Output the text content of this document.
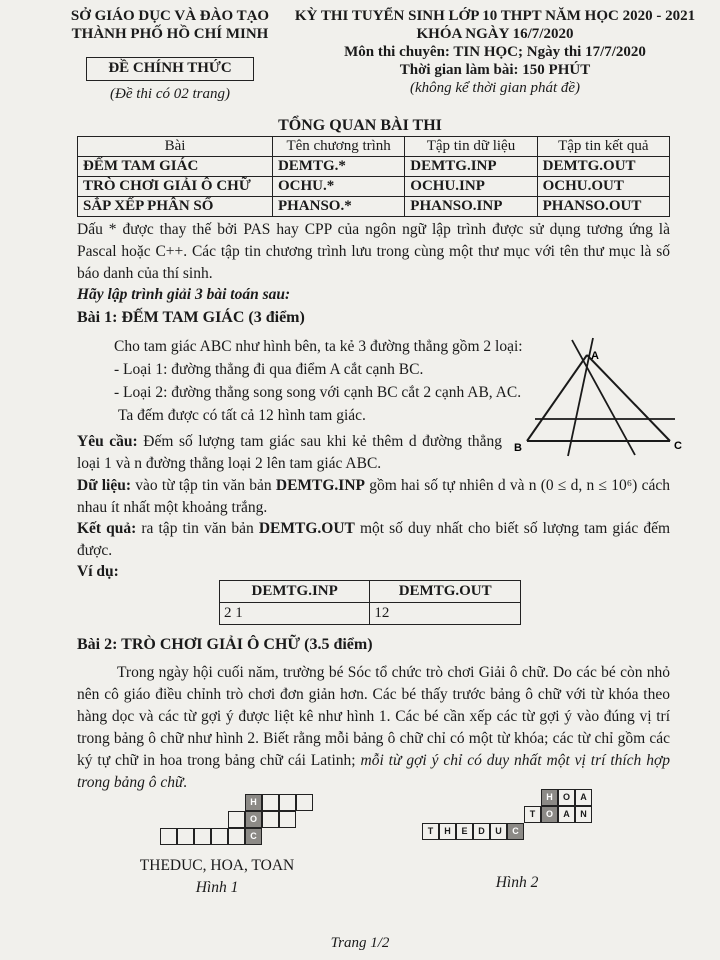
SỞ GIÁO DỤC VÀ ĐÀO TẠO
THÀNH PHỐ HỒ CHÍ MINH
ĐỀ CHÍNH THỨC
(Đề thi có 02 trang)
KỲ THI TUYỂN SINH LỚP 10 THPT NĂM HỌC 2020 - 2021
KHÓA NGÀY 16/7/2020
Môn thi chuyên: TIN HỌC; Ngày thi 17/7/2020
Thời gian làm bài: 150 PHÚT
(không kể thời gian phát đề)
TỔNG QUAN BÀI THI
Bài	Tên chương trình	Tập tin dữ liệu	Tập tin kết quả
ĐẾM TAM GIÁC	DEMTG.*	DEMTG.INP	DEMTG.OUT
TRÒ CHƠI GIẢI Ô CHỮ	OCHU.*	OCHU.INP	OCHU.OUT
SẮP XẾP PHÂN SỐ	PHANSO.*	PHANSO.INP	PHANSO.OUT

Dấu * được thay thế bởi PAS hay CPP của ngôn ngữ lập trình được sử dụng tương ứng là Pascal hoặc C++. Các tập tin chương trình lưu trong cùng một thư mục với tên thư mục là số báo danh của thí sinh.

Hãy lập trình giải 3 bài toán sau:

Bài 1: ĐẾM TAM GIÁC (3 điểm)

Cho tam giác ABC như hình bên, ta kẻ 3 đường thẳng gồm 2 loại:

- Loại 1: đường thẳng đi qua điểm A cắt cạnh BC.

- Loại 2: đường thẳng song song với cạnh BC cắt 2 cạnh AB, AC.

Ta đếm được có tất cả 12 hình tam giác.

A
B	C

Yêu cầu: Đếm số lượng tam giác sau khi kẻ thêm d đường thẳng loại 1 và n đường thẳng loại 2 lên tam giác ABC.

Dữ liệu: vào từ tập tin văn bản DEMTG.INP gồm hai số tự nhiên d và n (0 ≤ d, n ≤ 10⁶) cách nhau ít nhất một khoảng trắng.

Kết quả: ra tập tin văn bản DEMTG.OUT một số duy nhất cho biết số lượng tam giác đếm được.

Ví dụ:

DEMTG.INP	DEMTG.OUT
2 1	12

Bài 2: TRÒ CHƠI GIẢI Ô CHỮ (3.5 điểm)

Trong ngày hội cuối năm, trường bé Sóc tổ chức trò chơi Giải ô chữ. Do các bé còn nhỏ nên cô giáo điều chỉnh trò chơi đơn giản hơn. Các bé thấy trước bảng ô chữ với từ khóa theo hàng dọc và các từ gợi ý được liệt kê như hình 1. Các bé cần xếp các từ gợi ý vào đúng vị trí trong bảng ô chữ như hình 2. Biết rằng mỗi bảng ô chữ chỉ có một từ khóa; các từ chỉ gồm các ký tự chữ in hoa trong bảng chữ cái Latinh; mỗi từ gợi ý chỉ có duy nhất một vị trí thích hợp trong bảng ô chữ.

H
O
C

THEDUC, HOA, TOAN

Hình 1

H	O	A
T	O	A	N
T	H	E	D	U	C

Hình 2

Trang 1/2
